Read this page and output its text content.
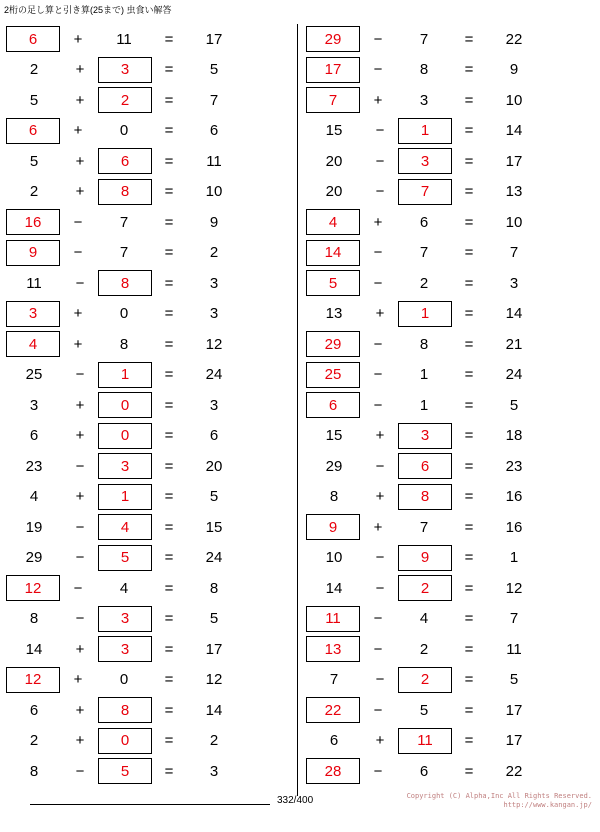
2桁の足し算と引き算(25まで) 虫食い解答
6	+	11	=	17
2	+	3	=	5
5	+	2	=	7
6	+	0	=	6
5	+	6	=	11
2	+	8	=	10
16	−	7	=	9
9	−	7	=	2
11	−	8	=	3
3	+	0	=	3
4	+	8	=	12
25	−	1	=	24
3	+	0	=	3
6	+	0	=	6
23	−	3	=	20
4	+	1	=	5
19	−	4	=	15
29	−	5	=	24
12	−	4	=	8
8	−	3	=	5
14	+	3	=	17
12	+	0	=	12
6	+	8	=	14
2	+	0	=	2
8	−	5	=	3
29	−	7	=	22
17	−	8	=	9
7	+	3	=	10
15	−	1	=	14
20	−	3	=	17
20	−	7	=	13
4	+	6	=	10
14	−	7	=	7
5	−	2	=	3
13	+	1	=	14
29	−	8	=	21
25	−	1	=	24
6	−	1	=	5
15	+	3	=	18
29	−	6	=	23
8	+	8	=	16
9	+	7	=	16
10	−	9	=	1
14	−	2	=	12
11	−	4	=	7
13	−	2	=	11
7	−	2	=	5
22	−	5	=	17
6	+	11	=	17
28	−	6	=	22
332/400	Copyright (C) Alpha,Inc All Rights Reserved.
http://www.kangan.jp/
